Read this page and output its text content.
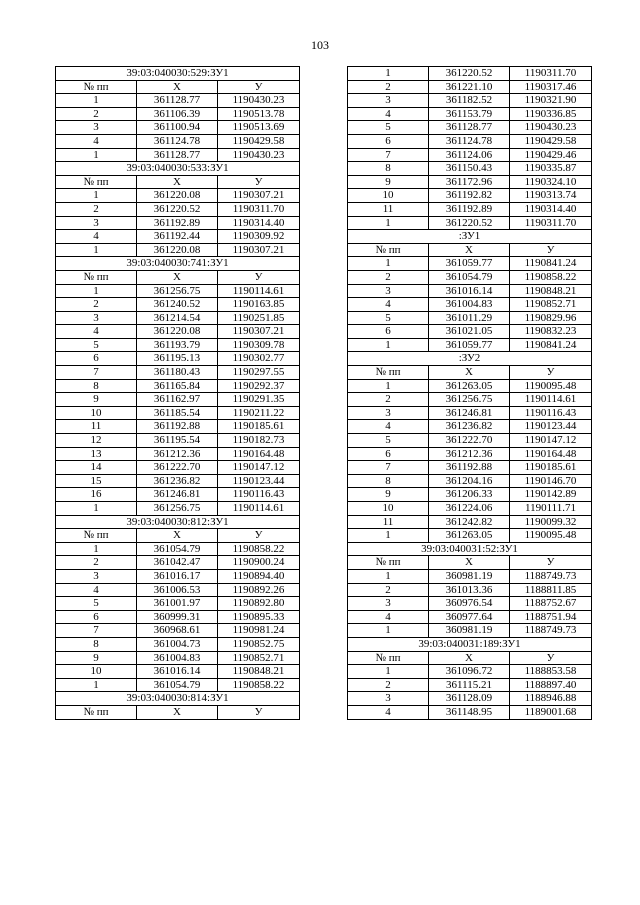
103
39:03:040030:529:ЗУ1		
№ пп	Х	У
1	361128.77	1190430.23
2	361106.39	1190513.78
3	361100.94	1190513.69
4	361124.78	1190429.58
1	361128.77	1190430.23
39:03:040030:533:ЗУ1		
№ пп	Х	У
1	361220.08	1190307.21
2	361220.52	1190311.70
3	361192.89	1190314.40
4	361192.44	1190309.92
1	361220.08	1190307.21
39:03:040030:741:ЗУ1		
№ пп	Х	У
1	361256.75	1190114.61
2	361240.52	1190163.85
3	361214.54	1190251.85
4	361220.08	1190307.21
5	361193.79	1190309.78
6	361195.13	1190302.77
7	361180.43	1190297.55
8	361165.84	1190292.37
9	361162.97	1190291.35
10	361185.54	1190211.22
11	361192.88	1190185.61
12	361195.54	1190182.73
13	361212.36	1190164.48
14	361222.70	1190147.12
15	361236.82	1190123.44
16	361246.81	1190116.43
1	361256.75	1190114.61
39:03:040030:812:ЗУ1		
№ пп	Х	У
1	361054.79	1190858.22
2	361042.47	1190900.24
3	361016.17	1190894.40
4	361006.53	1190892.26
5	361001.97	1190892.80
6	360999.31	1190895.33
7	360968.61	1190981.24
8	361004.73	1190852.75
9	361004.83	1190852.71
10	361016.14	1190848.21
1	361054.79	1190858.22
39:03:040030:814:ЗУ1		
№ пп	Х	У
1	361220.52	1190311.70
2	361221.10	1190317.46
3	361182.52	1190321.90
4	361153.79	1190336.85
5	361128.77	1190430.23
6	361124.78	1190429.58
7	361124.06	1190429.46
8	361150.43	1190335.87
9	361172.96	1190324.10
10	361192.82	1190313.74
11	361192.89	1190314.40
1	361220.52	1190311.70
:ЗУ1		
№ пп	Х	У
1	361059.77	1190841.24
2	361054.79	1190858.22
3	361016.14	1190848.21
4	361004.83	1190852.71
5	361011.29	1190829.96
6	361021.05	1190832.23
1	361059.77	1190841.24
:ЗУ2		
№ пп	Х	У
1	361263.05	1190095.48
2	361256.75	1190114.61
3	361246.81	1190116.43
4	361236.82	1190123.44
5	361222.70	1190147.12
6	361212.36	1190164.48
7	361192.88	1190185.61
8	361204.16	1190146.70
9	361206.33	1190142.89
10	361224.06	1190111.71
11	361242.82	1190099.32
1	361263.05	1190095.48
39:03:040031:52:ЗУ1		
№ пп	Х	У
1	360981.19	1188749.73
2	361013.36	1188811.85
3	360976.54	1188752.67
4	360977.64	1188751.94
1	360981.19	1188749.73
39:03:040031:189:ЗУ1		
№ пп	Х	У
1	361096.72	1188853.58
2	361115.21	1188897.40
3	361128.09	1188946.88
4	361148.95	1189001.68
